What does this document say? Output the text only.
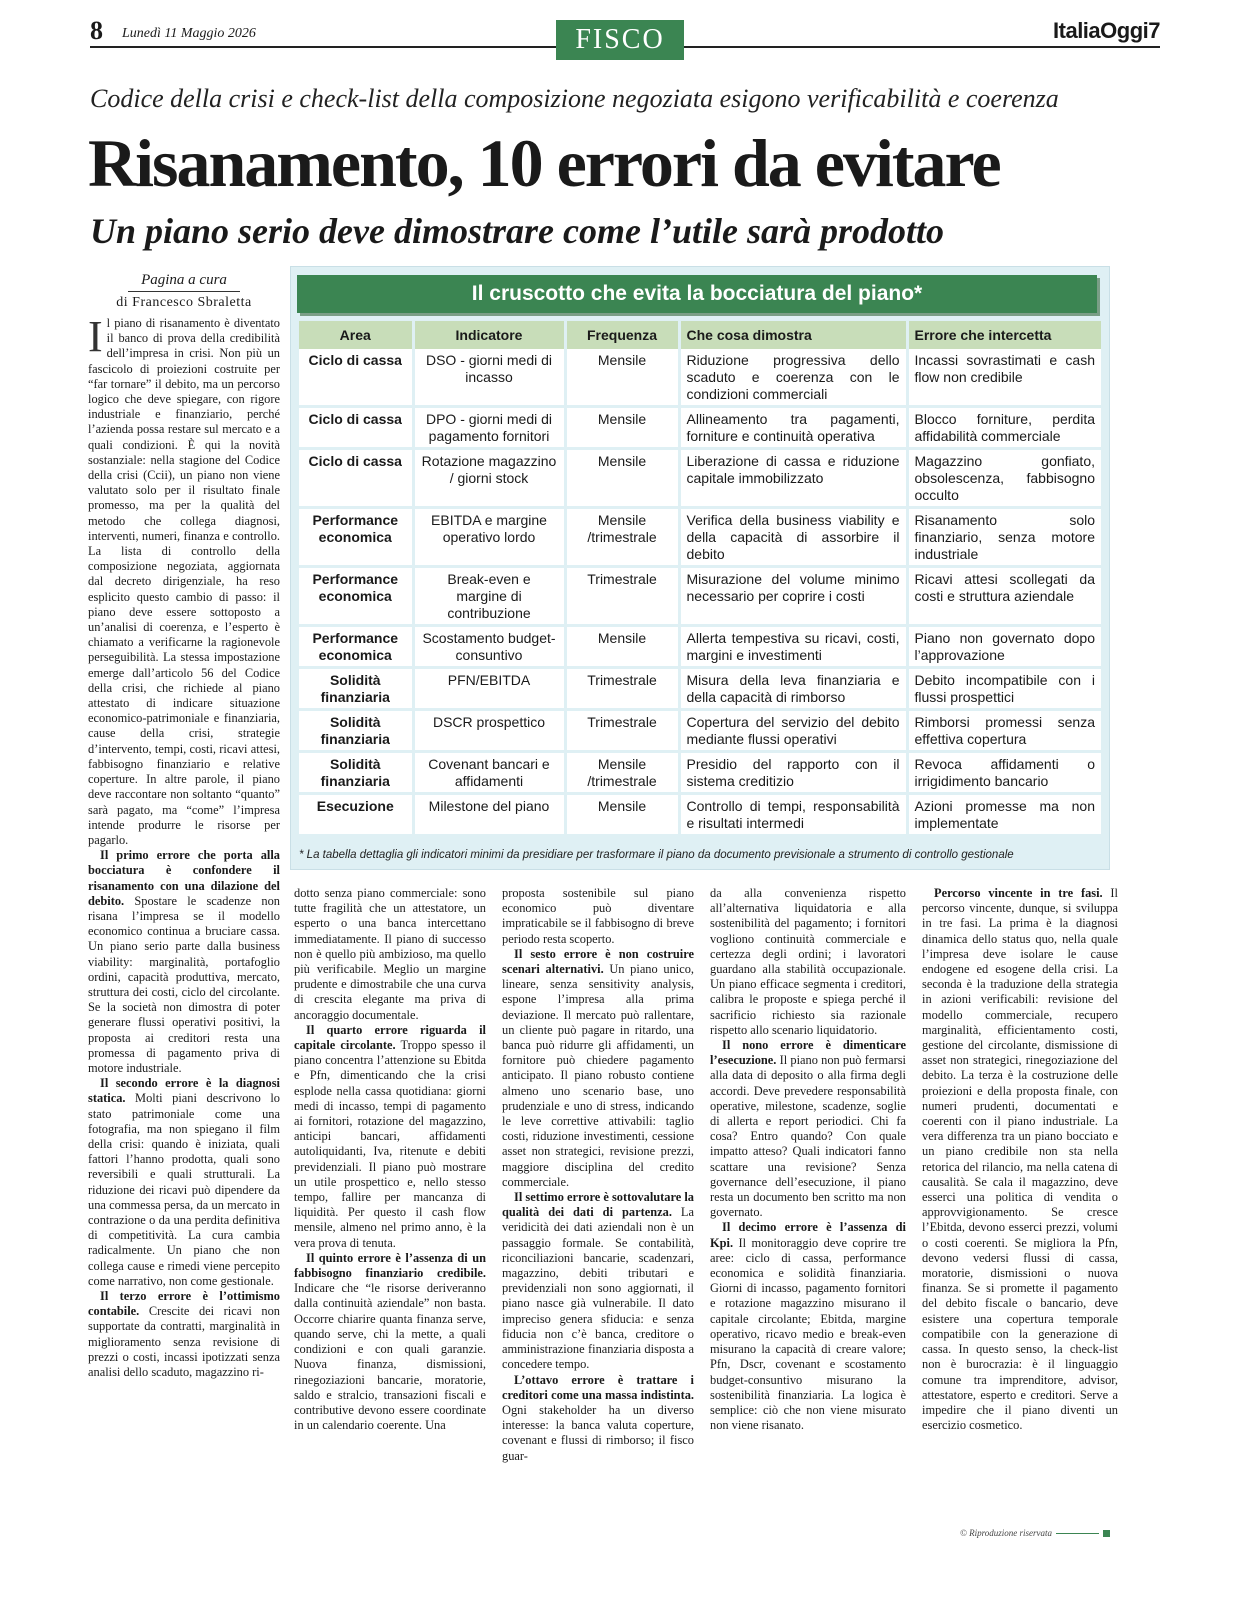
8 Lunedì 11 Maggio 2026	FISCO	ItaliaOggi7
Codice della crisi e check-list della composizione negoziata esigono verificabilità e coerenza
Risanamento, 10 errori da evitare
Un piano serio deve dimostrare come l’utile sarà prodotto
Pagina a cura
di Francesco Sbraletta

Il piano di risanamento è diventato il banco di prova della credibilità dell’impresa in crisi. Non più un fascicolo di proiezioni costruite per “far tornare” il debito, ma un percorso logico che deve spiegare, con rigore industriale e finanziario, perché l’azienda possa restare sul mercato e a quali condizioni. È qui la novità sostanziale: nella stagione del Codice della crisi (Ccii), un piano non viene valutato solo per il risultato finale promesso, ma per la qualità del metodo che collega diagnosi, interventi, numeri, finanza e controllo. La lista di controllo della composizione negoziata, aggiornata dal decreto dirigenziale, ha reso esplicito questo cambio di passo: il piano deve essere sottoposto a un’analisi di coerenza, e l’esperto è chiamato a verificarne la ragionevole perseguibilità. La stessa impostazione emerge dall’articolo 56 del Codice della crisi, che richiede al piano attestato di indicare situazione economico-patrimoniale e finanziaria, cause della crisi, strategie d’intervento, tempi, costi, ricavi attesi, fabbisogno finanziario e relative coperture. In altre parole, il piano deve raccontare non soltanto “quanto” sarà pagato, ma “come” l’impresa intende produrre le risorse per pagarlo.

Il primo errore che porta alla bocciatura è confondere il risanamento con una dilazione del debito. Spostare le scadenze non risana l’impresa se il modello economico continua a bruciare cassa. Un piano serio parte dalla business viability: marginalità, portafoglio ordini, capacità produttiva, mercato, struttura dei costi, ciclo del circolante. Se la società non dimostra di poter generare flussi operativi positivi, la proposta ai creditori resta una promessa di pagamento priva di motore industriale.

Il secondo errore è la diagnosi statica. Molti piani descrivono lo stato patrimoniale come una fotografia, ma non spiegano il film della crisi: quando è iniziata, quali fattori l’hanno prodotta, quali sono reversibili e quali strutturali. La riduzione dei ricavi può dipendere da una commessa persa, da un mercato in contrazione o da una perdita definitiva di competitività. La cura cambia radicalmente. Un piano che non collega cause e rimedi viene percepito come narrativo, non come gestionale.

Il terzo errore è l’ottimismo contabile. Crescite dei ricavi non supportate da contratti, marginalità in miglioramento senza revisione di prezzi o costi, incassi ipotizzati senza analisi dello scaduto, magazzino ri-

Il cruscotto che evita la bocciatura del piano*
Area	Indicatore	Frequenza	Che cosa dimostra	Errore che intercetta
Ciclo di cassa	DSO - giorni medi di incasso	Mensile	Riduzione progressiva dello scaduto e coerenza con le condizioni commerciali	Incassi sovrastimati e cash flow non credibile
Ciclo di cassa	DPO - giorni medi di pagamento fornitori	Mensile	Allineamento tra pagamenti, forniture e continuità operativa	Blocco forniture, perdita affidabilità commerciale
Ciclo di cassa	Rotazione magazzino / giorni stock	Mensile	Liberazione di cassa e riduzione capitale immobilizzato	Magazzino gonfiato, obsolescenza, fabbisogno occulto
Performance economica	EBITDA e margine operativo lordo	Mensile /trimestrale	Verifica della business viability e della capacità di assorbire il debito	Risanamento solo finanziario, senza motore industriale
Performance economica	Break-even e margine di contribuzione	Trimestrale	Misurazione del volume minimo necessario per coprire i costi	Ricavi attesi scollegati da costi e struttura aziendale
Performance economica	Scostamento budget-consuntivo	Mensile	Allerta tempestiva su ricavi, costi, margini e investimenti	Piano non governato dopo l’approvazione
Solidità finanziaria	PFN/EBITDA	Trimestrale	Misura della leva finanziaria e della capacità di rimborso	Debito incompatibile con i flussi prospettici
Solidità finanziaria	DSCR prospettico	Trimestrale	Copertura del servizio del debito mediante flussi operativi	Rimborsi promessi senza effettiva copertura
Solidità finanziaria	Covenant bancari e affidamenti	Mensile /trimestrale	Presidio del rapporto con il sistema creditizio	Revoca affidamenti o irrigidimento bancario
Esecuzione	Milestone del piano	Mensile	Controllo di tempi, responsabilità e risultati intermedi	Azioni promesse ma non implementate
* La tabella dettaglia gli indicatori minimi da presidiare per trasformare il piano da documento previsionale a strumento di controllo gestionale

dotto senza piano commerciale: sono tutte fragilità che un attestatore, un esperto o una banca intercettano immediatamente. Il piano di successo non è quello più ambizioso, ma quello più verificabile. Meglio un margine prudente e dimostrabile che una curva di crescita elegante ma priva di ancoraggio documentale.

Il quarto errore riguarda il capitale circolante. Troppo spesso il piano concentra l’attenzione su Ebitda e Pfn, dimenticando che la crisi esplode nella cassa quotidiana: giorni medi di incasso, tempi di pagamento ai fornitori, rotazione del magazzino, anticipi bancari, affidamenti autoliquidanti, Iva, ritenute e debiti previdenziali. Il piano può mostrare un utile prospettico e, nello stesso tempo, fallire per mancanza di liquidità. Per questo il cash flow mensile, almeno nel primo anno, è la vera prova di tenuta.

Il quinto errore è l’assenza di un fabbisogno finanziario credibile. Indicare che “le risorse deriveranno dalla continuità aziendale” non basta. Occorre chiarire quanta finanza serve, quando serve, chi la mette, a quali condizioni e con quali garanzie. Nuova finanza, dismissioni, rinegoziazioni bancarie, moratorie, saldo e stralcio, transazioni fiscali e contributive devono essere coordinate in un calendario coerente. Una

proposta sostenibile sul piano economico può diventare impraticabile se il fabbisogno di breve periodo resta scoperto.

Il sesto errore è non costruire scenari alternativi. Un piano unico, lineare, senza sensitivity analysis, espone l’impresa alla prima deviazione. Il mercato può rallentare, un cliente può pagare in ritardo, una banca può ridurre gli affidamenti, un fornitore può chiedere pagamento anticipato. Il piano robusto contiene almeno uno scenario base, uno prudenziale e uno di stress, indicando le leve correttive attivabili: taglio costi, riduzione investimenti, cessione asset non strategici, revisione prezzi, maggiore disciplina del credito commerciale.

Il settimo errore è sottovalutare la qualità dei dati di partenza. La veridicità dei dati aziendali non è un passaggio formale. Se contabilità, riconciliazioni bancarie, scadenzari, magazzino, debiti tributari e previdenziali non sono aggiornati, il piano nasce già vulnerabile. Il dato impreciso genera sfiducia: e senza fiducia non c’è banca, creditore o amministrazione finanziaria disposta a concedere tempo.

L’ottavo errore è trattare i creditori come una massa indistinta. Ogni stakeholder ha un diverso interesse: la banca valuta coperture, covenant e flussi di rimborso; il fisco guar-

da alla convenienza rispetto all’alternativa liquidatoria e alla sostenibilità del pagamento; i fornitori vogliono continuità commerciale e certezza degli ordini; i lavoratori guardano alla stabilità occupazionale. Un piano efficace segmenta i creditori, calibra le proposte e spiega perché il sacrificio richiesto sia razionale rispetto allo scenario liquidatorio.

Il nono errore è dimenticare l’esecuzione. Il piano non può fermarsi alla data di deposito o alla firma degli accordi. Deve prevedere responsabilità operative, milestone, scadenze, soglie di allerta e report periodici. Chi fa cosa? Entro quando? Con quale impatto atteso? Quali indicatori fanno scattare una revisione? Senza governance dell’esecuzione, il piano resta un documento ben scritto ma non governato.

Il decimo errore è l’assenza di Kpi. Il monitoraggio deve coprire tre aree: ciclo di cassa, performance economica e solidità finanziaria. Giorni di incasso, pagamento fornitori e rotazione magazzino misurano il capitale circolante; Ebitda, margine operativo, ricavo medio e break-even misurano la capacità di creare valore; Pfn, Dscr, covenant e scostamento budget-consuntivo misurano la sostenibilità finanziaria. La logica è semplice: ciò che non viene misurato non viene risanato.

Percorso vincente in tre fasi. Il percorso vincente, dunque, si sviluppa in tre fasi. La prima è la diagnosi dinamica dello status quo, nella quale l’impresa deve isolare le cause endogene ed esogene della crisi. La seconda è la traduzione della strategia in azioni verificabili: revisione del modello commerciale, recupero marginalità, efficientamento costi, gestione del circolante, dismissione di asset non strategici, rinegoziazione del debito. La terza è la costruzione delle proiezioni e della proposta finale, con numeri prudenti, documentati e coerenti con il piano industriale. La vera differenza tra un piano bocciato e un piano credibile non sta nella retorica del rilancio, ma nella catena di causalità. Se cala il magazzino, deve esserci una politica di vendita o approvvigionamento. Se cresce l’Ebitda, devono esserci prezzi, volumi o costi coerenti. Se migliora la Pfn, devono vedersi flussi di cassa, moratorie, dismissioni o nuova finanza. Se si promette il pagamento del debito fiscale o bancario, deve esistere una copertura temporale compatibile con la generazione di cassa. In questo senso, la check-list non è burocrazia: è il linguaggio comune tra imprenditore, advisor, attestatore, esperto e creditori. Serve a impedire che il piano diventi un esercizio cosmetico.

© Riproduzione riservata
